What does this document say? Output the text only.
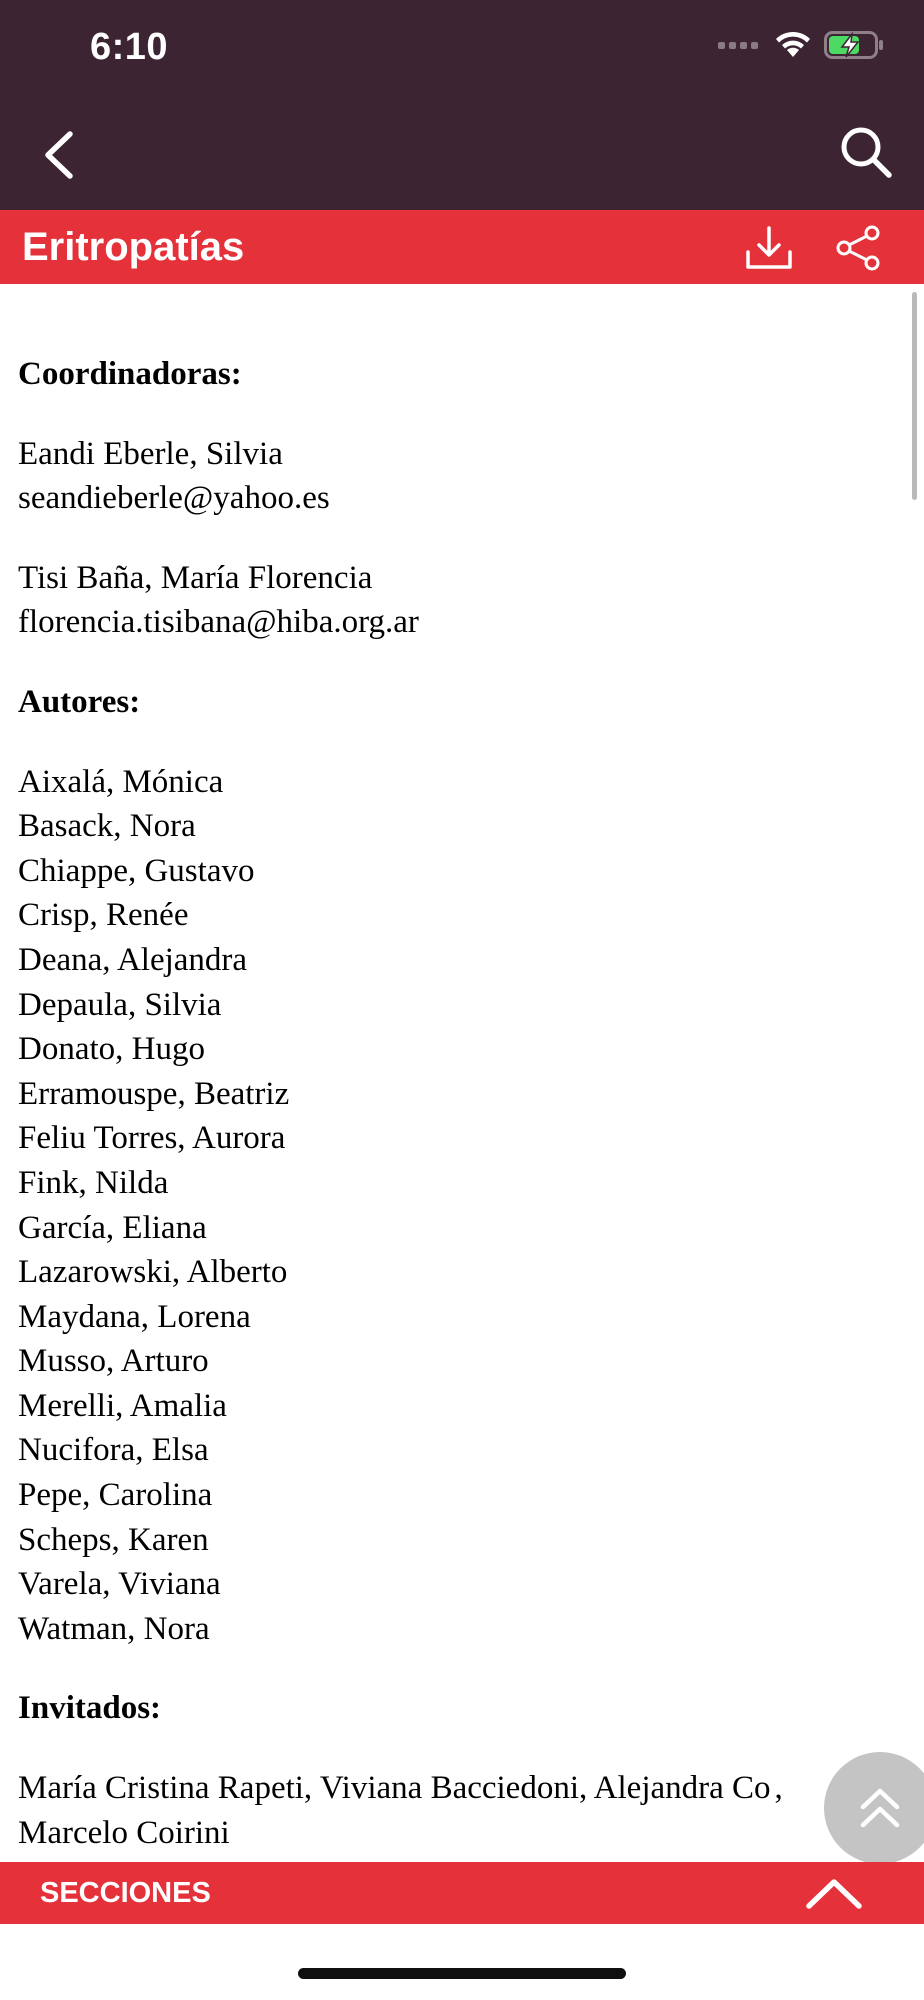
6:10
Eritropatías

Coordinadoras:

Eandi Eberle, Silvia
seandieberle@yahoo.es

Tisi Baña, María Florencia
florencia.tisibana@hiba.org.ar

Autores:

Aixalá, Mónica
Basack, Nora
Chiappe, Gustavo
Crisp, Renée
Deana, Alejandra
Depaula, Silvia
Donato, Hugo
Erramouspe, Beatriz
Feliu Torres, Aurora
Fink, Nilda
García, Eliana
Lazarowski, Alberto
Maydana, Lorena
Musso, Arturo
Merelli, Amalia
Nucifora, Elsa
Pepe, Carolina
Scheps, Karen
Varela, Viviana
Watman, Nora

Invitados:

María Cristina Rapeti, Viviana Bacciedoni, Alejandra Co ,
Marcelo Coirini

SECCIONES
